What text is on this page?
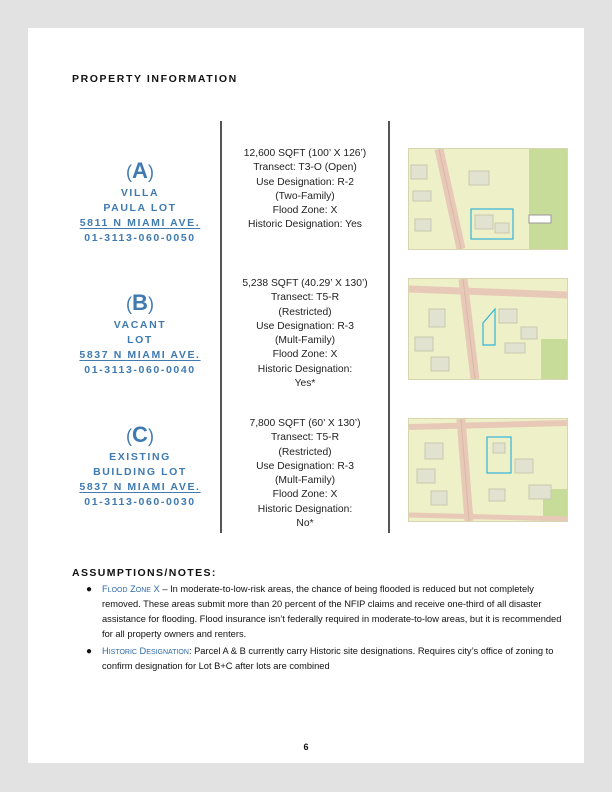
PROPERTY INFORMATION
(A)
VILLA
PAULA LOT
5811 N MIAMI AVE.
01-3113-060-0050
12,600 SQFT (100’ X 126’)
Transect: T3-O (Open)
Use Designation: R-2
(Two-Family)
Flood Zone: X
Historic Designation: Yes
(B)
VACANT
LOT
5837 N MIAMI AVE.
01-3113-060-0040
5,238 SQFT (40.29’ X 130’)
Transect: T5-R
(Restricted)
Use Designation: R-3
(Mult-Family)
Flood Zone: X
Historic Designation:
Yes*
(C)
EXISTING
BUILDING LOT
5837 N MIAMI AVE.
01-3113-060-0030
7,800 SQFT (60’ X 130’)
Transect: T5-R
(Restricted)
Use Designation: R-3
(Mult-Family)
Flood Zone: X
Historic Designation:
No*
ASSUMPTIONS/NOTES:
● Flood Zone X – In moderate-to-low-risk areas, the chance of being flooded is reduced but not completely removed. These areas submit more than 20 percent of the NFIP claims and receive one-third of all disaster assistance for flooding. Flood insurance isn’t federally required in moderate-to-low areas, but it is recommended for all property owners and renters.
● Historic Designation: Parcel A & B currently carry Historic site designations. Requires city’s office of zoning to confirm designation for Lot B+C after lots are combined
6
